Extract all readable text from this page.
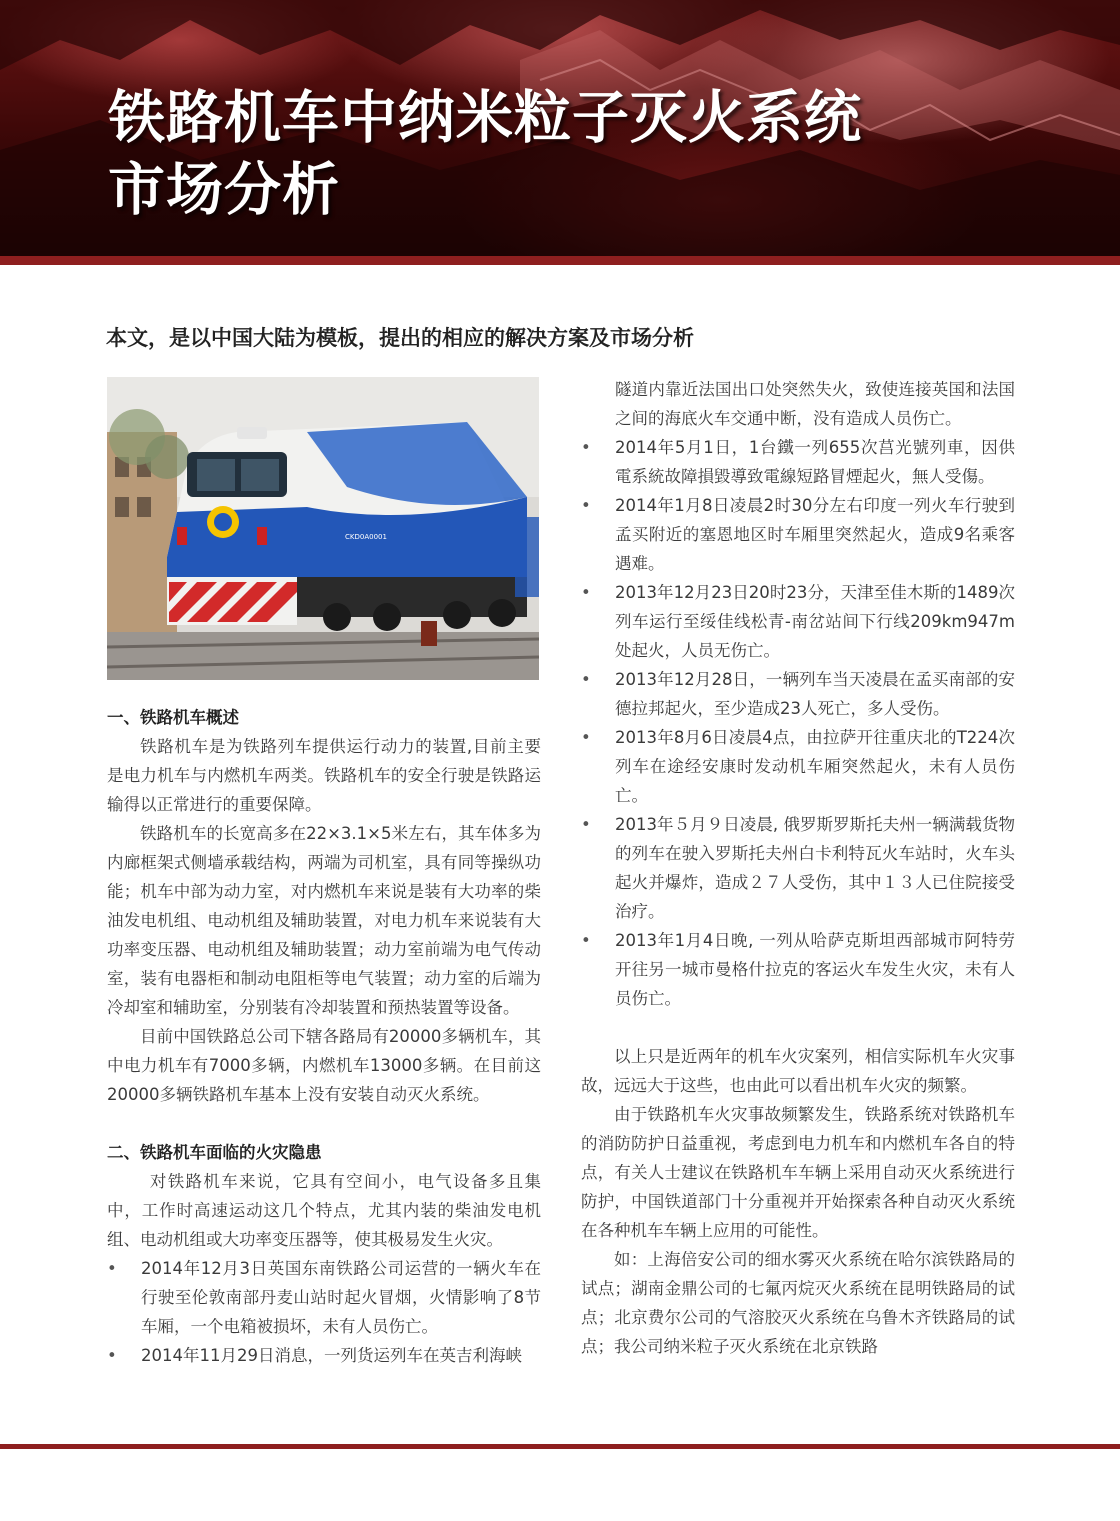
铁路机车中纳米粒子灭火系统
市场分析
本文，是以中国大陆为模板，提出的相应的解决方案及市场分析
CKD0A0001
一、铁路机车概述

铁路机车是为铁路列车提供运行动力的装置,目前主要是电力机车与内燃机车两类。铁路机车的安全行驶是铁路运输得以正常进行的重要保障。

铁路机车的长宽高多在22×3.1×5米左右，其车体多为内廊框架式侧墙承载结构，两端为司机室，具有同等操纵功能；机车中部为动力室，对内燃机车来说是装有大功率的柴油发电机组、电动机组及辅助装置，对电力机车来说装有大功率变压器、电动机组及辅助装置；动力室前端为电气传动室，装有电器柜和制动电阻柜等电气装置；动力室的后端为冷却室和辅助室，分别装有冷却装置和预热装置等设备。

目前中国铁路总公司下辖各路局有20000多辆机车，其中电力机车有7000多辆，内燃机车13000多辆。在目前这20000多辆铁路机车基本上没有安装自动灭火系统。

二、铁路机车面临的火灾隐患

对铁路机车来说，它具有空间小，电气设备多且集中，工作时高速运动这几个特点，尤其内装的柴油发电机组、电动机组或大功率变压器等，使其极易发生火灾。

• 2014年12月3日英国东南铁路公司运营的一辆火车在行驶至伦敦南部丹麦山站时起火冒烟，火情影响了8节车厢，一个电箱被损坏，未有人员伤亡。
• 2014年11月29日消息，一列货运列车在英吉利海峡

隧道内靠近法国出口处突然失火，致使连接英国和法国之间的海底火车交通中断，没有造成人员伤亡。

• 2014年5月1日，1台鐵一列655次莒光號列車，因供電系統故障損毀導致電線短路冒煙起火，無人受傷。
• 2014年1月8日凌晨2时30分左右印度一列火车行驶到孟买附近的塞恩地区时车厢里突然起火，造成9名乘客遇难。
• 2013年12月23日20时23分，天津至佳木斯的1489次列车运行至绥佳线松青-南岔站间下行线209km947m处起火，人员无伤亡。
• 2013年12月28日，一辆列车当天凌晨在孟买南部的安德拉邦起火，至少造成23人死亡，多人受伤。
• 2013年8月6日凌晨4点，由拉萨开往重庆北的T224次列车在途经安康时发动机车厢突然起火，未有人员伤亡。
• 2013年５月９日凌晨, 俄罗斯罗斯托夫州一辆满载货物的列车在驶入罗斯托夫州白卡利特瓦火车站时，火车头起火并爆炸，造成２７人受伤，其中１３人已住院接受治疗。
• 2013年1月4日晚, 一列从哈萨克斯坦西部城市阿特劳开往另一城市曼格什拉克的客运火车发生火灾，未有人员伤亡。

以上只是近两年的机车火灾案列，相信实际机车火灾事故，远远大于这些，也由此可以看出机车火灾的频繁。

由于铁路机车火灾事故频繁发生，铁路系统对铁路机车的消防防护日益重视，考虑到电力机车和内燃机车各自的特点，有关人士建议在铁路机车车辆上采用自动灭火系统进行防护，中国铁道部门十分重视并开始探索各种自动灭火系统在各种机车车辆上应用的可能性。

如：上海倍安公司的细水雾灭火系统在哈尔滨铁路局的试点；湖南金鼎公司的七氟丙烷灭火系统在昆明铁路局的试点；北京费尔公司的气溶胶灭火系统在乌鲁木齐铁路局的试点；我公司纳米粒子灭火系统在北京铁路
